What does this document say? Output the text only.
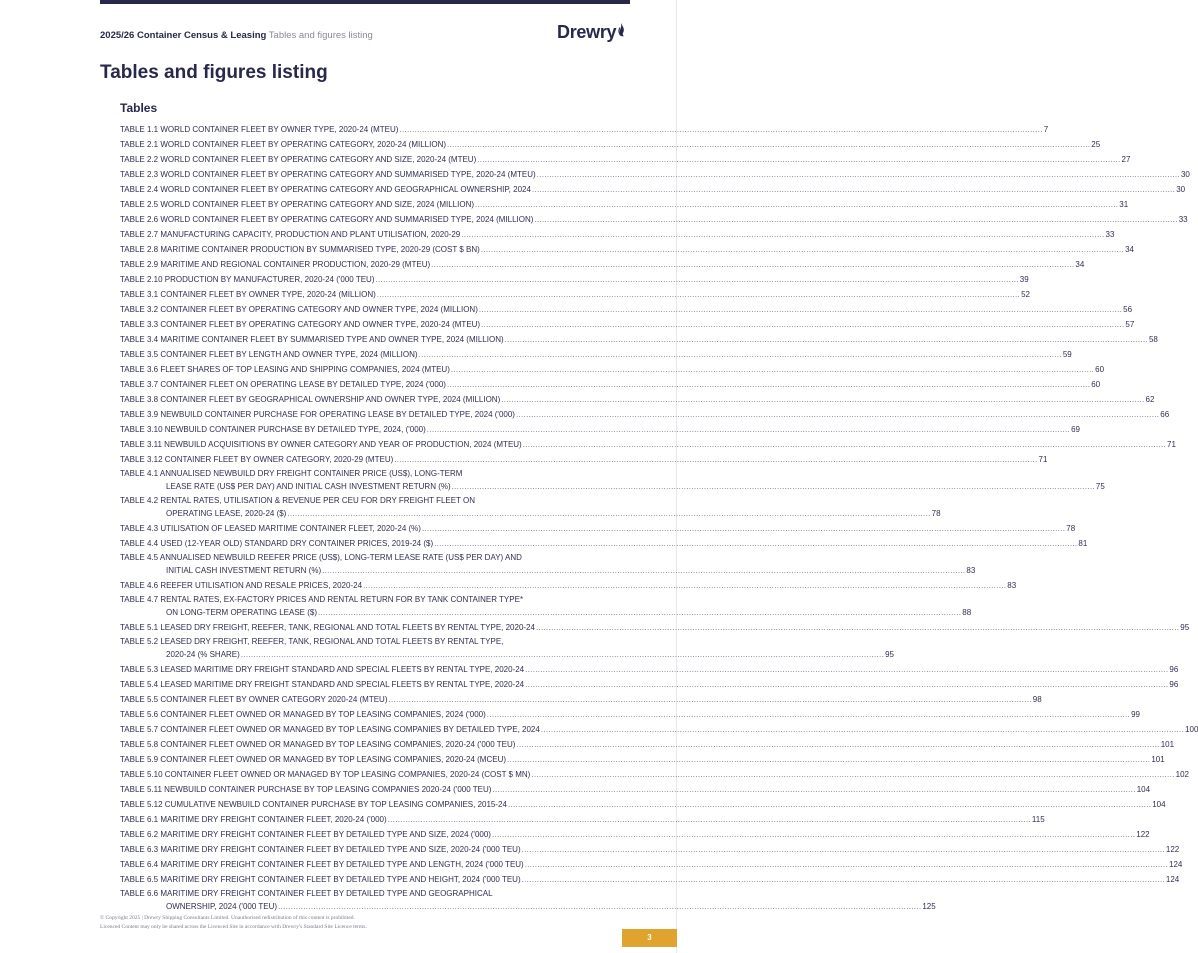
2025/26 Container Census & Leasing Tables and figures listing	Drewry
Tables and figures listing
Tables
TABLE 1.1 WORLD CONTAINER FLEET BY OWNER TYPE, 2020-24 (MTEU) .....	7
TABLE 2.1 WORLD CONTAINER FLEET BY OPERATING CATEGORY, 2020-24 (MILLION) .....	25
TABLE 2.2 WORLD CONTAINER FLEET BY OPERATING CATEGORY AND SIZE, 2020-24 (MTEU) .....	27
TABLE 2.3 WORLD CONTAINER FLEET BY OPERATING CATEGORY AND SUMMARISED TYPE, 2020-24 (MTEU) .....	30
TABLE 2.4 WORLD CONTAINER FLEET BY OPERATING CATEGORY AND GEOGRAPHICAL OWNERSHIP, 2024 .....	30
TABLE 2.5 WORLD CONTAINER FLEET BY OPERATING CATEGORY AND SIZE, 2024 (MILLION) .....	31
TABLE 2.6 WORLD CONTAINER FLEET BY OPERATING CATEGORY AND SUMMARISED TYPE, 2024 (MILLION) .....	33
TABLE 2.7 MANUFACTURING CAPACITY, PRODUCTION AND PLANT UTILISATION, 2020-29 .....	33
TABLE 2.8 MARITIME CONTAINER PRODUCTION BY SUMMARISED TYPE, 2020-29 (COST $ BN) .....	34
TABLE 2.9 MARITIME AND REGIONAL CONTAINER PRODUCTION, 2020-29 (MTEU) .....	34
TABLE 2.10 PRODUCTION BY MANUFACTURER, 2020-24 ('000 TEU) .....	39
TABLE 3.1 CONTAINER FLEET BY OWNER TYPE, 2020-24 (MILLION) .....	52
TABLE 3.2 CONTAINER FLEET BY OPERATING CATEGORY AND OWNER TYPE, 2024 (MILLION) .....	56
TABLE 3.3 CONTAINER FLEET BY OPERATING CATEGORY AND OWNER TYPE, 2020-24 (MTEU) .....	57
TABLE 3.4 MARITIME CONTAINER FLEET BY SUMMARISED TYPE AND OWNER TYPE, 2024 (MILLION) .....	58
TABLE 3.5 CONTAINER FLEET BY LENGTH AND OWNER TYPE, 2024 (MILLION) .....	59
TABLE 3.6 FLEET SHARES OF TOP LEASING AND SHIPPING COMPANIES, 2024 (MTEU) .....	60
TABLE 3.7 CONTAINER FLEET ON OPERATING LEASE BY DETAILED TYPE, 2024 ('000) .....	60
TABLE 3.8 CONTAINER FLEET BY GEOGRAPHICAL OWNERSHIP AND OWNER TYPE, 2024 (MILLION) .....	62
TABLE 3.9 NEWBUILD CONTAINER PURCHASE FOR OPERATING LEASE BY DETAILED TYPE, 2024 ('000) .....	66
TABLE 3.10 NEWBUILD CONTAINER PURCHASE BY DETAILED TYPE, 2024, ('000) .....	69
TABLE 3.11 NEWBUILD ACQUISITIONS BY OWNER CATEGORY AND YEAR OF PRODUCTION, 2024 (MTEU) .....	71
TABLE 3.12 CONTAINER FLEET BY OWNER CATEGORY, 2020-29 (MTEU) .....	71
TABLE 4.1 ANNUALISED NEWBUILD DRY FREIGHT CONTAINER PRICE (US$), LONG-TERM
LEASE RATE (US$ PER DAY) AND INITIAL CASH INVESTMENT RETURN (%) .....	75
TABLE 4.2 RENTAL RATES, UTILISATION & REVENUE PER CEU FOR DRY FREIGHT FLEET ON
OPERATING LEASE, 2020-24 ($) .....	78
TABLE 4.3 UTILISATION OF LEASED MARITIME CONTAINER FLEET, 2020-24 (%) .....	78
TABLE 4.4 USED (12-YEAR OLD) STANDARD DRY CONTAINER PRICES, 2019-24 ($) .....	81
TABLE 4.5 ANNUALISED NEWBUILD REEFER PRICE (US$), LONG-TERM LEASE RATE (US$ PER DAY) AND
INITIAL CASH INVESTMENT RETURN (%) .....	83
TABLE 4.6 REEFER UTILISATION AND RESALE PRICES, 2020-24 .....	83
TABLE 4.7 RENTAL RATES, EX-FACTORY PRICES AND RENTAL RETURN FOR BY TANK CONTAINER TYPE*
ON LONG-TERM OPERATING LEASE ($) .....	88
TABLE 5.1 LEASED DRY FREIGHT, REEFER, TANK, REGIONAL AND TOTAL FLEETS BY RENTAL TYPE, 2020-24 .....	95
TABLE 5.2 LEASED DRY FREIGHT, REEFER, TANK, REGIONAL AND TOTAL FLEETS BY RENTAL TYPE,
2020-24 (% SHARE) .....	95
TABLE 5.3 LEASED MARITIME DRY FREIGHT STANDARD AND SPECIAL FLEETS BY RENTAL TYPE, 2020-24 .....	96
TABLE 5.4 LEASED MARITIME DRY FREIGHT STANDARD AND SPECIAL FLEETS BY RENTAL TYPE, 2020-24 .....	96
TABLE 5.5 CONTAINER FLEET BY OWNER CATEGORY 2020-24 (MTEU) .....	98
TABLE 5.6 CONTAINER FLEET OWNED OR MANAGED BY TOP LEASING COMPANIES, 2024 ('000) .....	99
TABLE 5.7 CONTAINER FLEET OWNED OR MANAGED BY TOP LEASING COMPANIES BY DETAILED TYPE, 2024 .....	100
TABLE 5.8 CONTAINER FLEET OWNED OR MANAGED BY TOP LEASING COMPANIES, 2020-24 ('000 TEU) .....	101
TABLE 5.9 CONTAINER FLEET OWNED OR MANAGED BY TOP LEASING COMPANIES, 2020-24 (MCEU) .....	101
TABLE 5.10 CONTAINER FLEET OWNED OR MANAGED BY TOP LEASING COMPANIES, 2020-24 (COST $ MN) .....	102
TABLE 5.11 NEWBUILD CONTAINER PURCHASE BY TOP LEASING COMPANIES 2020-24 ('000 TEU) .....	104
TABLE 5.12 CUMULATIVE NEWBUILD CONTAINER PURCHASE BY TOP LEASING COMPANIES, 2015-24 .....	104
TABLE 6.1 MARITIME DRY FREIGHT CONTAINER FLEET, 2020-24 ('000) .....	115
TABLE 6.2 MARITIME DRY FREIGHT CONTAINER FLEET BY DETAILED TYPE AND SIZE, 2024 ('000) .....	122
TABLE 6.3 MARITIME DRY FREIGHT CONTAINER FLEET BY DETAILED TYPE AND SIZE, 2020-24 ('000 TEU) .....	122
TABLE 6.4 MARITIME DRY FREIGHT CONTAINER FLEET BY DETAILED TYPE AND LENGTH, 2024 ('000 TEU) .....	124
TABLE 6.5 MARITIME DRY FREIGHT CONTAINER FLEET BY DETAILED TYPE AND HEIGHT, 2024 ('000 TEU) .....	124
TABLE 6.6 MARITIME DRY FREIGHT CONTAINER FLEET BY DETAILED TYPE AND GEOGRAPHICAL
OWNERSHIP, 2024 ('000 TEU) .....	125
© Copyright 2025 | Drewry Shipping Consultants Limited. Unauthorised redistribution of this content is prohibited.
Licenced Content may only be shared across the Licenced Site in accordance with Drewry's Standard Site Licence terms.
3
